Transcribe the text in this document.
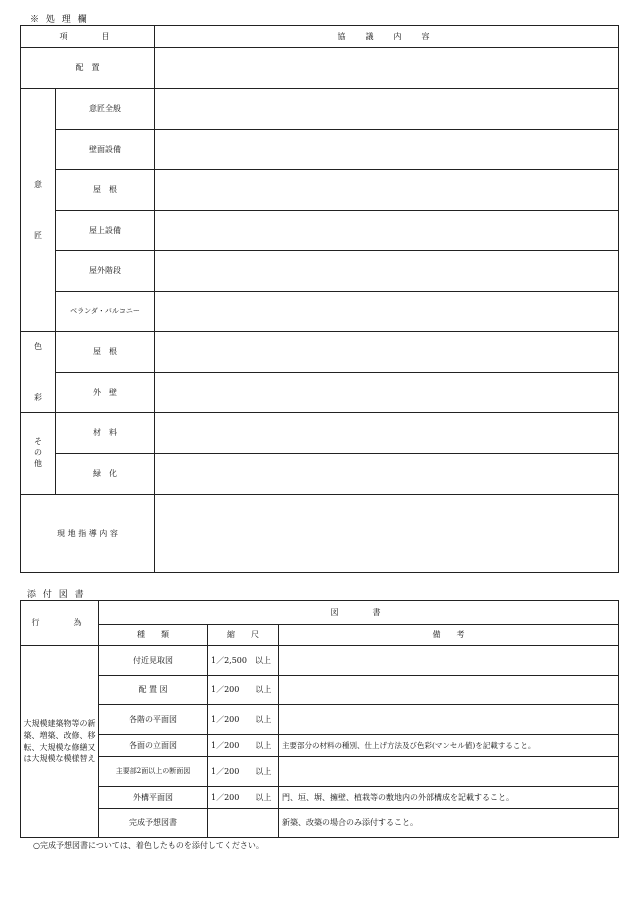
※ 処 理 欄
項　　目		協　議　内　容
配　置		
意

匠	意匠全般	
	壁面設備	
	屋　根	
	屋上設備	
	屋外階段	
	ベランダ・バルコニー	
色

彩	屋　根	
	外　壁	
そ
の
他	材　料	
	緑　化	
現 地 指 導 内 容		
添 付 図 書
行　　為	図　　書		
	種　　類	縮　　尺	備　　考
大規模建築物等の新築、増築、改修、移転、大規模な修繕又は大規模な模様替え	付近見取図	1／2,500　以上	
	配 置 図	1／200　　以上	
	各階の平面図	1／200　　以上	
	各面の立面図	1／200　　以上	主要部分の材料の種別、仕上げ方法及び色彩(マンセル値)を記載すること。
	主要部2面以上の断面図	1／200　　以上	
	外構平面図	1／200　　以上	門、垣、塀、擁壁、植栽等の敷地内の外部構成を記載すること。
	完成予想図書		新築、改築の場合のみ添付すること。
○完成予想図書については、着色したものを添付してください。
